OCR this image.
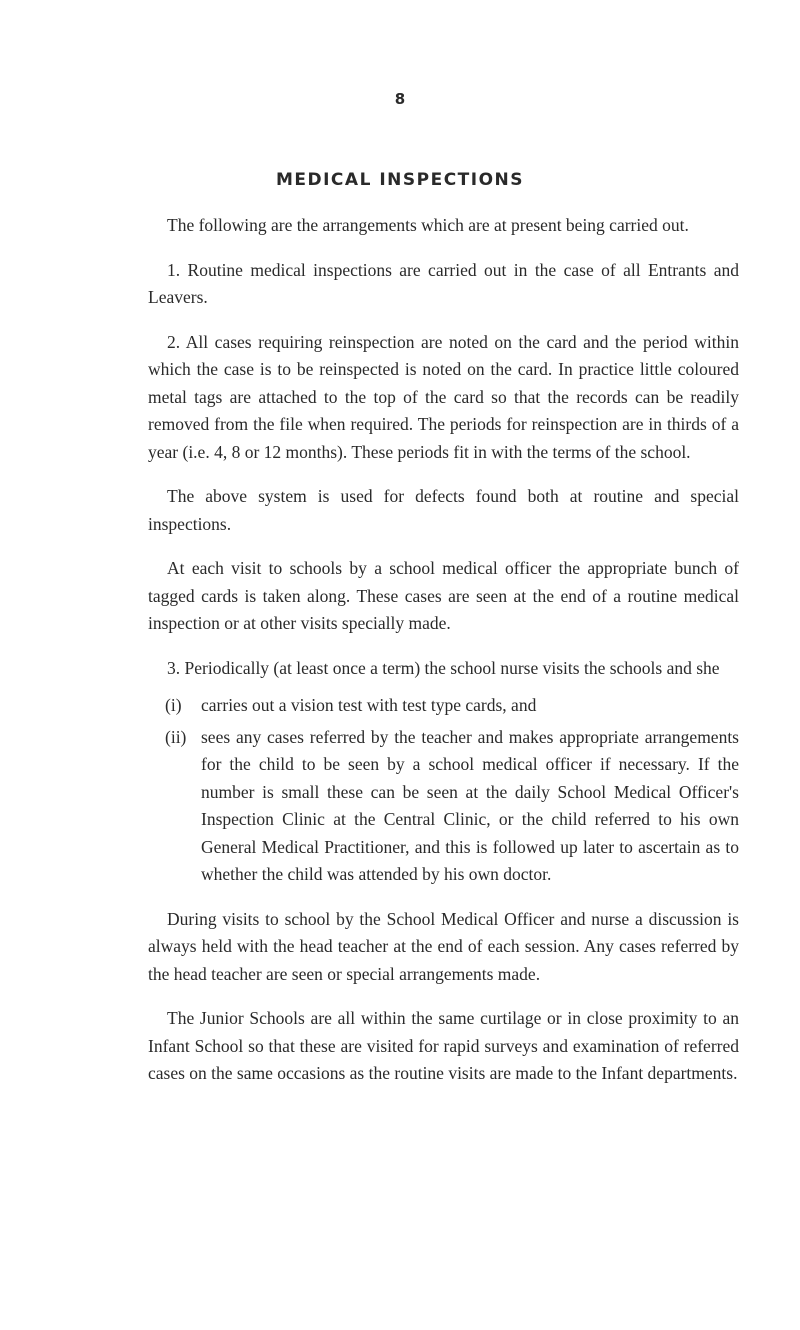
8
MEDICAL INSPECTIONS

The following are the arrangements which are at present being carried out.

1. Routine medical inspections are carried out in the case of all Entrants and Leavers.

2. All cases requiring reinspection are noted on the card and the period within which the case is to be reinspected is noted on the card. In practice little coloured metal tags are attached to the top of the card so that the records can be readily removed from the file when required. The periods for reinspection are in thirds of a year (i.e. 4, 8 or 12 months). These periods fit in with the terms of the school.

The above system is used for defects found both at routine and special inspections.

At each visit to schools by a school medical officer the appropriate bunch of tagged cards is taken along. These cases are seen at the end of a routine medical inspection or at other visits specially made.

3. Periodically (at least once a term) the school nurse visits the schools and she

(i)	carries out a vision test with test type cards, and
(ii) sees any cases referred by the teacher and makes appropriate arrangements for the child to be seen by a school medical officer if necessary. If the number is small these can be seen at the daily School Medical Officer's Inspection Clinic at the Central Clinic, or the child referred to his own General Medical Practitioner, and this is followed up later to ascertain as to whether the child was attended by his own doctor.

During visits to school by the School Medical Officer and nurse a discussion is always held with the head teacher at the end of each session. Any cases referred by the head teacher are seen or special arrangements made.

The Junior Schools are all within the same curtilage or in close proximity to an Infant School so that these are visited for rapid surveys and examination of referred cases on the same occasions as the routine visits are made to the Infant departments.
